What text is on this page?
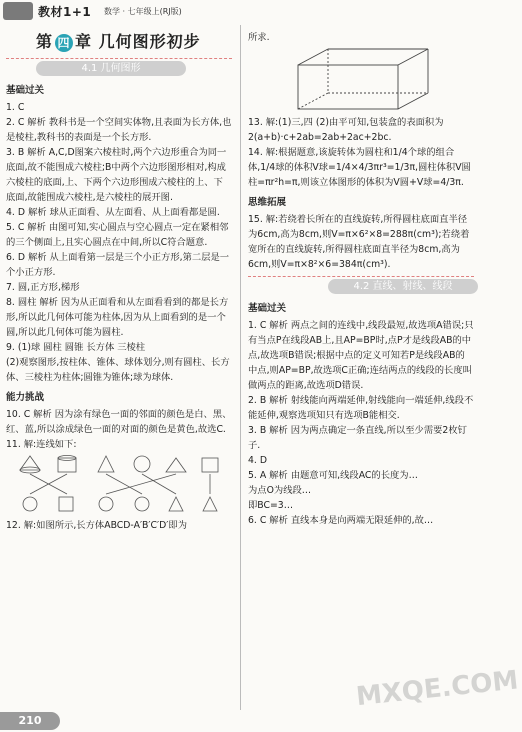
教材1+1 数学 · 七年级上(RJ版)
第 四 章 几何图形初步
4.1 几何图形
基础过关

1. C

2. C 解析 教科书是一个空间实体物,且表面为长方体,也是棱柱,教科书的表面是一个长方形.

3. B 解析 A,C,D图案六棱柱时,两个六边形重合为同一底面,故不能围成六棱柱;B中两个六边形图形相对,构成六棱柱的底面,上、下两个六边形围成六棱柱的上、下底面,故能围成六棱柱,是六棱柱的展开图.

4. D 解析 球从正面看、从左面看、从上面看都是圆.

5. C 解析 由图可知,实心圆点与空心圆点一定在紧相邻的三个侧面上,且实心圆点在中间,所以C符合题意.

6. D 解析 从上面看第一层是三个小正方形,第二层是一个小正方形.

7. 圆,正方形,梯形

8. 圆柱 解析 因为从正面看和从左面看看到的都是长方形,所以此几何体可能为柱体,因为从上面看到的是一个圆,所以此几何体可能为圆柱.

9. (1)球 圆柱 圆锥 长方体 三棱柱

(2)观察图形,按柱体、锥体、球体划分,则有圆柱、长方体、三棱柱为柱体;圆锥为锥体;球为球体.

能力挑战

10. C 解析 因为涂有绿色一面的邻面的颜色是白、黑、红、蓝,所以涂成绿色一面的对面的颜色是黄色,故选C.

11. 解:连线如下:

12. 解:如图所示,长方体ABCD-A′B′C′D′即为

所求.

13. 解:(1)三,四 (2)由平可知,包装盒的表面积为2(a+b)·c+2ab=2ab+2ac+2bc.

14. 解:根据题意,该旋转体为圆柱和1/4个球的组合体,1/4球的体积V球=1/4×4/3πr³=1/3π,圆柱体积V圆柱=πr²h=π,则该立体图形的体积为V圆+V球=4/3π.

思维拓展

15. 解:若绕着长所在的直线旋转,所得圆柱底面直半径为6cm,高为8cm,则V=π×6²×8=288π(cm³);若绕着宽所在的直线旋转,所得圆柱底面直半径为8cm,高为6cm,则V=π×8²×6=384π(cm³).

4.2 直线、射线、线段
基础过关

1. C 解析 两点之间的连线中,线段最短,故选项A错误;只有当点P在线段AB上,且AP=BP时,点P才是线段AB的中点,故选项B错误;根据中点的定义可知若P是线段AB的中点,则AP=BP,故选项C正确;连结两点的线段的长度叫做两点的距离,故选项D错误.

2. B 解析 射线能向两端延伸,射线能向一端延伸,线段不能延伸,观察选项知只有选项B能相交.

3. B 解析 因为两点确定一条直线,所以至少需要2枚钉子.

4. D

5. A 解析 由题意可知,线段AC的长度为…

为点O为线段…

即BC=3…

6. C 解析 直线本身是向两端无限延伸的,故…

210
MXQE.COM
